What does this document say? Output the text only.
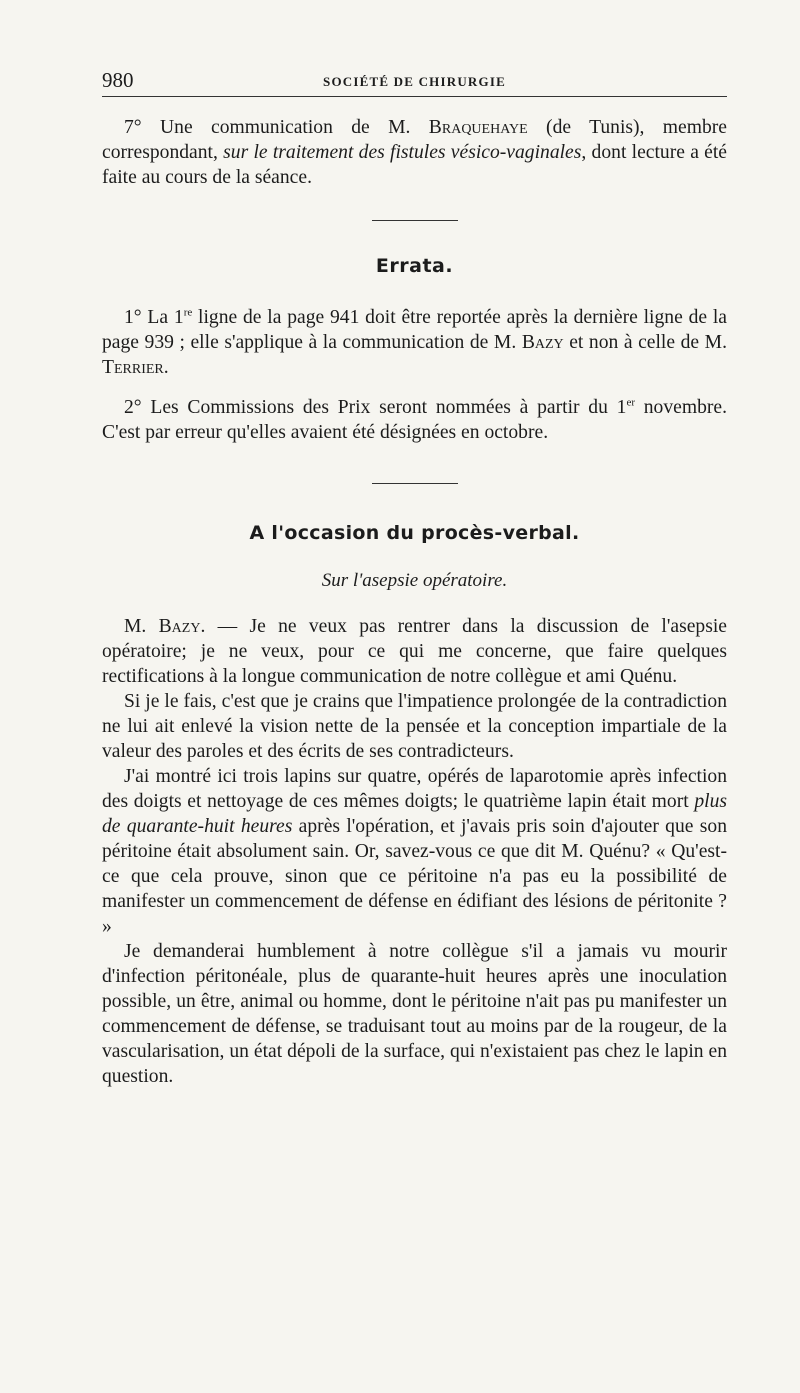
980	SOCIÉTÉ DE CHIRURGIE

7° Une communication de M. Braquehaye (de Tunis), membre correspondant, sur le traitement des fistules vésico-vaginales, dont lecture a été faite au cours de la séance.

Errata.

1° La 1re ligne de la page 941 doit être reportée après la dernière ligne de la page 939 ; elle s'applique à la communication de M. Bazy et non à celle de M. Terrier.

2° Les Commissions des Prix seront nommées à partir du 1er novembre. C'est par erreur qu'elles avaient été désignées en octobre.

A l'occasion du procès-verbal.
Sur l'asepsie opératoire.

M. Bazy. — Je ne veux pas rentrer dans la discussion de l'asepsie opératoire; je ne veux, pour ce qui me concerne, que faire quelques rectifications à la longue communication de notre collègue et ami Quénu.

Si je le fais, c'est que je crains que l'impatience prolongée de la contradiction ne lui ait enlevé la vision nette de la pensée et la conception impartiale de la valeur des paroles et des écrits de ses contradicteurs.

J'ai montré ici trois lapins sur quatre, opérés de laparotomie après infection des doigts et nettoyage de ces mêmes doigts; le quatrième lapin était mort plus de quarante-huit heures après l'opération, et j'avais pris soin d'ajouter que son péritoine était absolument sain. Or, savez-vous ce que dit M. Quénu? « Qu'est-ce que cela prouve, sinon que ce péritoine n'a pas eu la possibilité de manifester un commencement de défense en édifiant des lésions de péritonite ? »

Je demanderai humblement à notre collègue s'il a jamais vu mourir d'infection péritonéale, plus de quarante-huit heures après une inoculation possible, un être, animal ou homme, dont le péritoine n'ait pas pu manifester un commencement de défense, se traduisant tout au moins par de la rougeur, de la vascularisation, un état dépoli de la surface, qui n'existaient pas chez le lapin en question.
